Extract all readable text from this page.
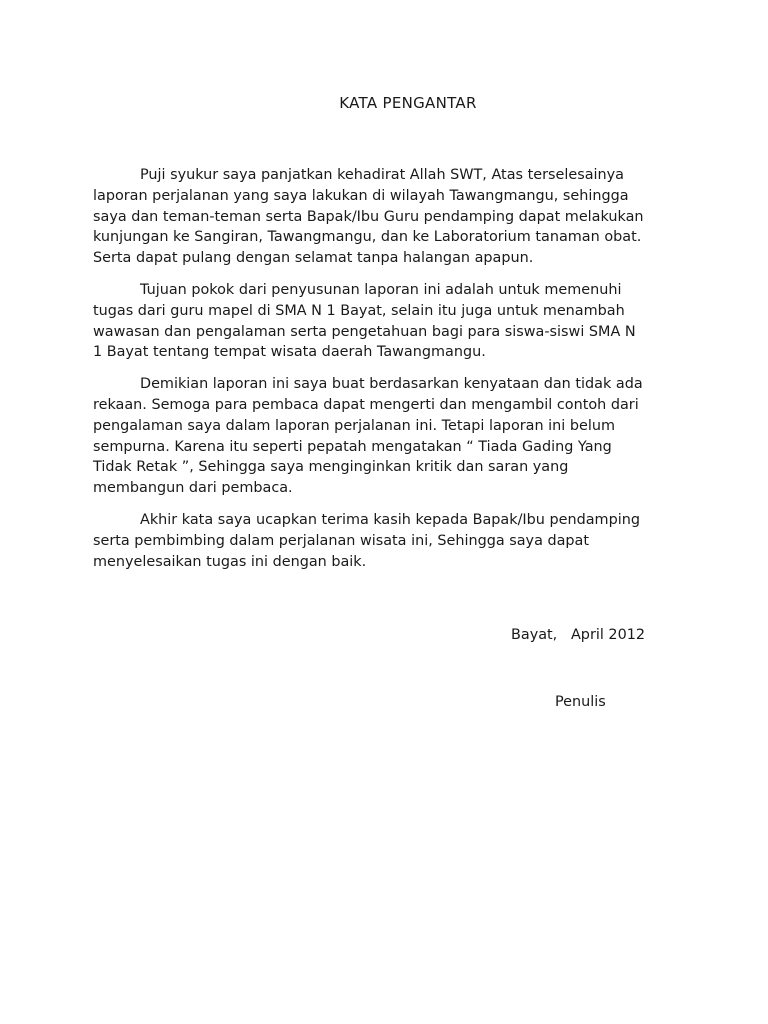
KATA PENGANTAR

Puji syukur saya panjatkan kehadirat Allah SWT, Atas terselesainya
laporan perjalanan yang saya lakukan di wilayah Tawangmangu, sehingga
saya dan teman-teman serta Bapak/Ibu Guru pendamping dapat melakukan
kunjungan ke Sangiran, Tawangmangu, dan ke Laboratorium tanaman obat.
Serta dapat pulang dengan selamat tanpa halangan apapun.

Tujuan pokok dari penyusunan laporan ini adalah untuk memenuhi
tugas dari guru mapel di SMA N 1 Bayat, selain itu juga untuk menambah
wawasan dan pengalaman serta pengetahuan bagi para siswa-siswi SMA N
1 Bayat tentang tempat wisata daerah Tawangmangu.

Demikian laporan ini saya buat berdasarkan kenyataan dan tidak ada
rekaan. Semoga para pembaca dapat mengerti dan mengambil contoh dari
pengalaman saya dalam laporan perjalanan ini. Tetapi laporan ini belum
sempurna. Karena itu seperti pepatah mengatakan “ Tiada Gading Yang
Tidak Retak ”, Sehingga saya menginginkan kritik dan saran yang
membangun dari pembaca.

Akhir kata saya ucapkan terima kasih kepada Bapak/Ibu pendamping
serta pembimbing dalam perjalanan wisata ini, Sehingga saya dapat
menyelesaikan tugas ini dengan baik.

Bayat,   April 2012
Penulis
